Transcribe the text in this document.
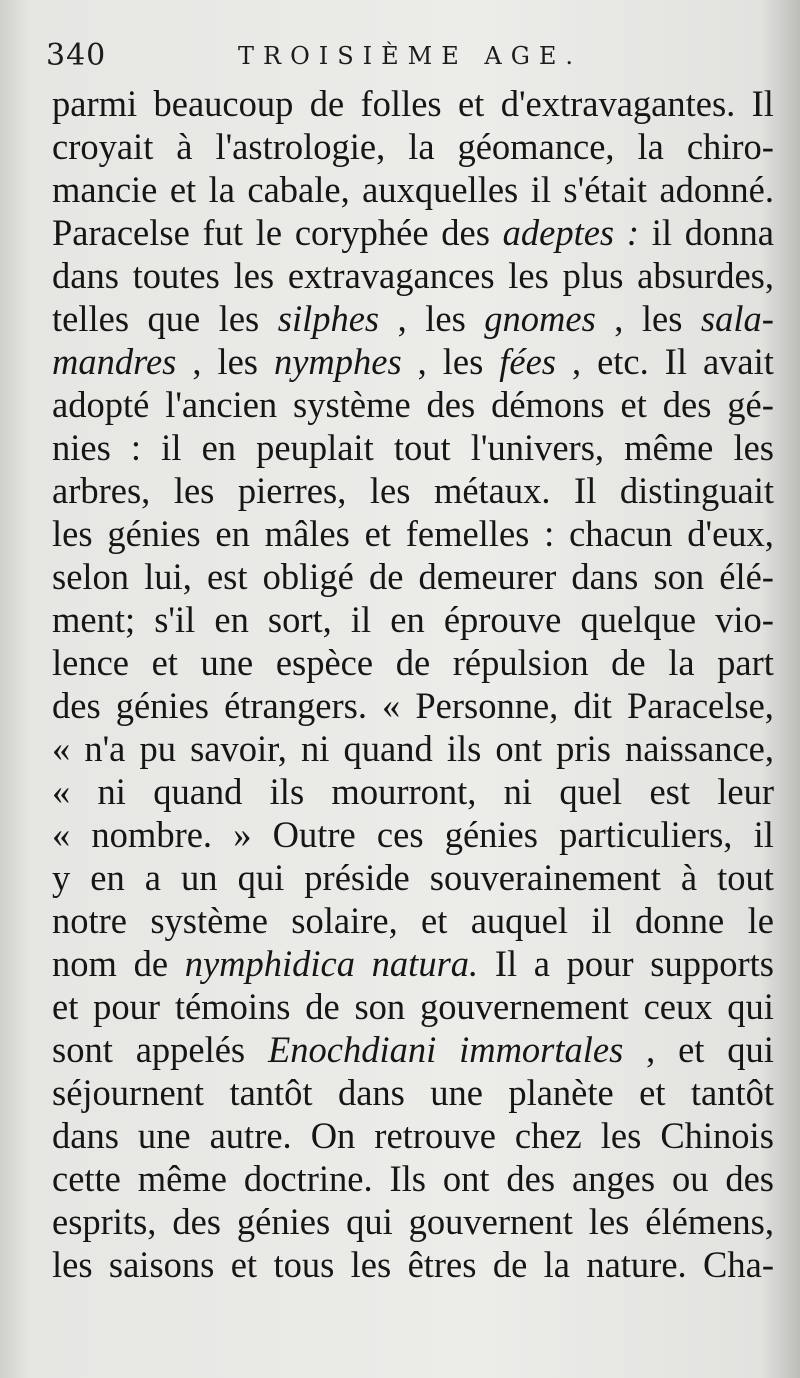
340	TROISIÈME AGE.
parmi beaucoup de folles et d'extravagantes. Il
croyait à l'astrologie, la géomance, la chiro-
mancie et la cabale, auxquelles il s'était adonné.
Paracelse fut le coryphée des adeptes : il donna
dans toutes les extravagances les plus absurdes,
telles que les silphes , les gnomes , les sala-
mandres , les nymphes , les fées , etc. Il avait
adopté l'ancien système des démons et des gé-
nies : il en peuplait tout l'univers, même les
arbres, les pierres, les métaux. Il distinguait
les génies en mâles et femelles : chacun d'eux,
selon lui, est obligé de demeurer dans son élé-
ment; s'il en sort, il en éprouve quelque vio-
lence et une espèce de répulsion de la part
des génies étrangers. « Personne, dit Paracelse,
« n'a pu savoir, ni quand ils ont pris naissance,
« ni quand ils mourront, ni quel est leur
« nombre. » Outre ces génies particuliers, il
y en a un qui préside souverainement à tout
notre système solaire, et auquel il donne le
nom de nymphidica natura. Il a pour supports
et pour témoins de son gouvernement ceux qui
sont appelés Enochdiani immortales , et qui
séjournent tantôt dans une planète et tantôt
dans une autre. On retrouve chez les Chinois
cette même doctrine. Ils ont des anges ou des
esprits, des génies qui gouvernent les élémens,
les saisons et tous les êtres de la nature. Cha-
